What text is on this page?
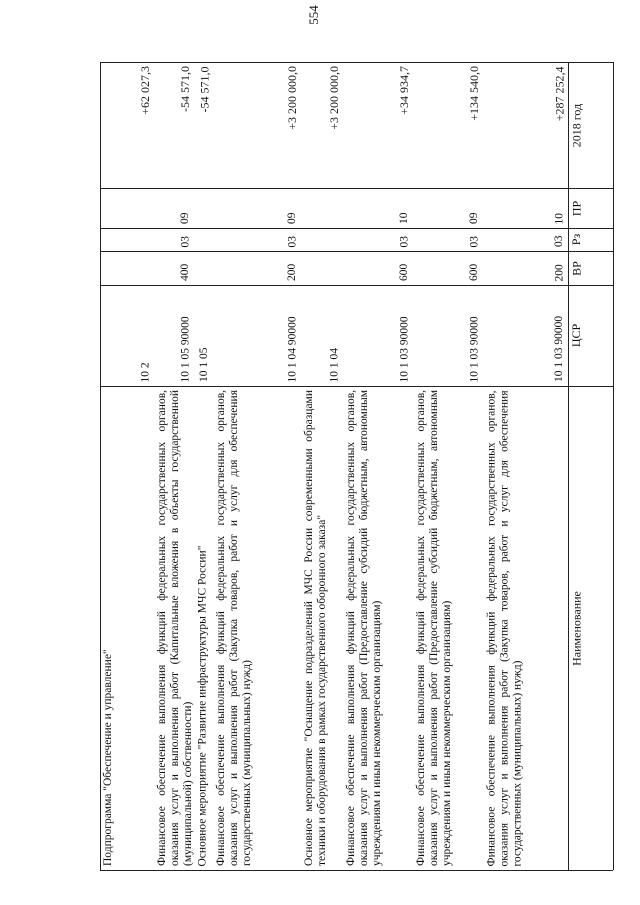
554
2018 год
ПР
Рз
ВР
ЦСР
Наименование
+287 252,4
10
03
200
10 1 03 90000
Финансовое обеспечение выполнения функций федеральных государственных органов, оказания услуг и выполнения работ (Закупка товаров, работ и услуг для обеспечения государственных (муниципальных) нужд)
+134 540,0
09
03
600
10 1 03 90000
Финансовое обеспечение выполнения функций федеральных государственных органов, оказания услуг и выполнения работ (Предоставление субсидий бюджетным, автономным учреждениям и иным некоммерческим организациям)
+34 934,7
10
03
600
10 1 03 90000
Финансовое обеспечение выполнения функций федеральных государственных органов, оказания услуг и выполнения работ (Предоставление субсидий бюджетным, автономным учреждениям и иным некоммерческим организациям)
+3 200 000,0
10 1 04
Основное мероприятие "Оснащение подразделений МЧС России современными образцами техники и оборудования в рамках государственного оборонного заказа"
+3 200 000,0
09
03
200
10 1 04 90000
Финансовое обеспечение выполнения функций федеральных государственных органов, оказания услуг и выполнения работ (Закупка товаров, работ и услуг для обеспечения государственных (муниципальных) нужд)
-54 571,0
10 1 05
Основное мероприятие "Развитие инфраструктуры МЧС России"
-54 571,0
09
03
400
10 1 05 90000
Финансовое обеспечение выполнения функций федеральных государственных органов, оказания услуг и выполнения работ (Капитальные вложения в объекты государственной (муниципальной) собственности)
+62 027,3
10 2
Подпрограмма "Обеспечение и управление"
